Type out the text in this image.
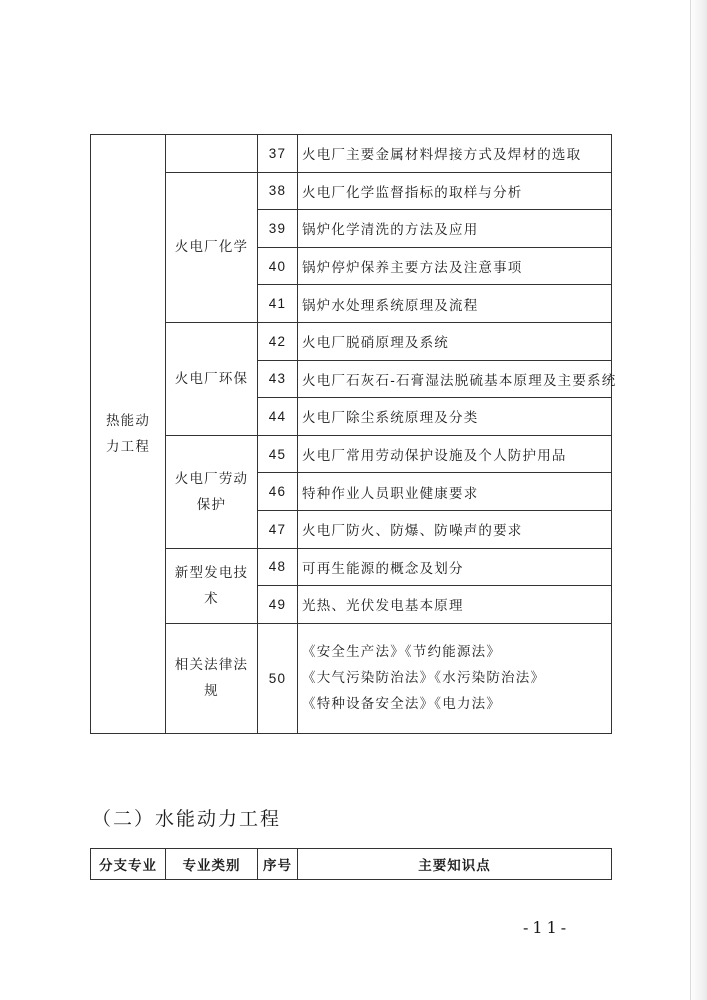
热能动力工程		37	火电厂主要金属材料焊接方式及焊材的选取
	火电厂化学	38	火电厂化学监督指标的取样与分析
		39	锅炉化学清洗的方法及应用
		40	锅炉停炉保养主要方法及注意事项
		41	锅炉水处理系统原理及流程
	火电厂环保	42	火电厂脱硝原理及系统
		43	火电厂石灰石-石膏湿法脱硫基本原理及主要系统
		44	火电厂除尘系统原理及分类
	火电厂劳动保护	45	火电厂常用劳动保护设施及个人防护用品
		46	特种作业人员职业健康要求
		47	火电厂防火、防爆、防噪声的要求
	新型发电技术	48	可再生能源的概念及划分
		49	光热、光伏发电基本原理
	相关法律法规	50	《安全生产法》《节约能源法》
《大气污染防治法》《水污染防治法》
《特种设备安全法》《电力法》
（二）水能动力工程
分支专业	专业类别	序号	主要知识点
-11-
